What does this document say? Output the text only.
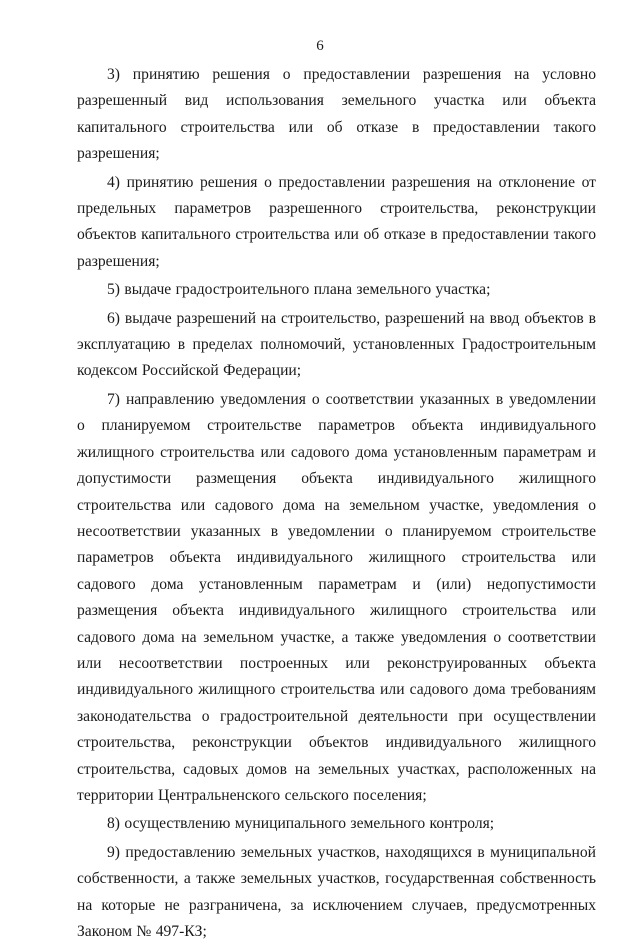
6

3) принятию решения о предоставлении разрешения на условно разрешенный вид использования земельного участка или объекта капитального строительства или об отказе в предоставлении такого разрешения;

4) принятию решения о предоставлении разрешения на отклонение от предельных параметров разрешенного строительства, реконструкции объектов капитального строительства или об отказе в предоставлении такого разрешения;

5) выдаче градостроительного плана земельного участка;

6) выдаче разрешений на строительство, разрешений на ввод объектов в эксплуатацию в пределах полномочий, установленных Градостроительным кодексом Российской Федерации;

7) направлению уведомления о соответствии указанных в уведомлении о планируемом строительстве параметров объекта индивидуального жилищного строительства или садового дома установленным параметрам и допустимости размещения объекта индивидуального жилищного строительства или садового дома на земельном участке, уведомления о несоответствии указанных в уведомлении о планируемом строительстве параметров объекта индивидуального жилищного строительства или садового дома установленным параметрам и (или) недопустимости размещения объекта индивидуального жилищного строительства или садового дома на земельном участке, а также уведомления о соответствии или несоответствии построенных или реконструированных объекта индивидуального жилищного строительства или садового дома требованиям законодательства о градостроительной деятельности при осуществлении строительства, реконструкции объектов индивидуального жилищного строительства, садовых домов на земельных участках, расположенных на территории Центральненского сельского поселения;

8) осуществлению муниципального земельного контроля;

9) предоставлению земельных участков, находящихся в муниципальной собственности, а также земельных участков, государственная собственность на которые не разграничена, за исключением случаев, предусмотренных Законом № 497-КЗ;
